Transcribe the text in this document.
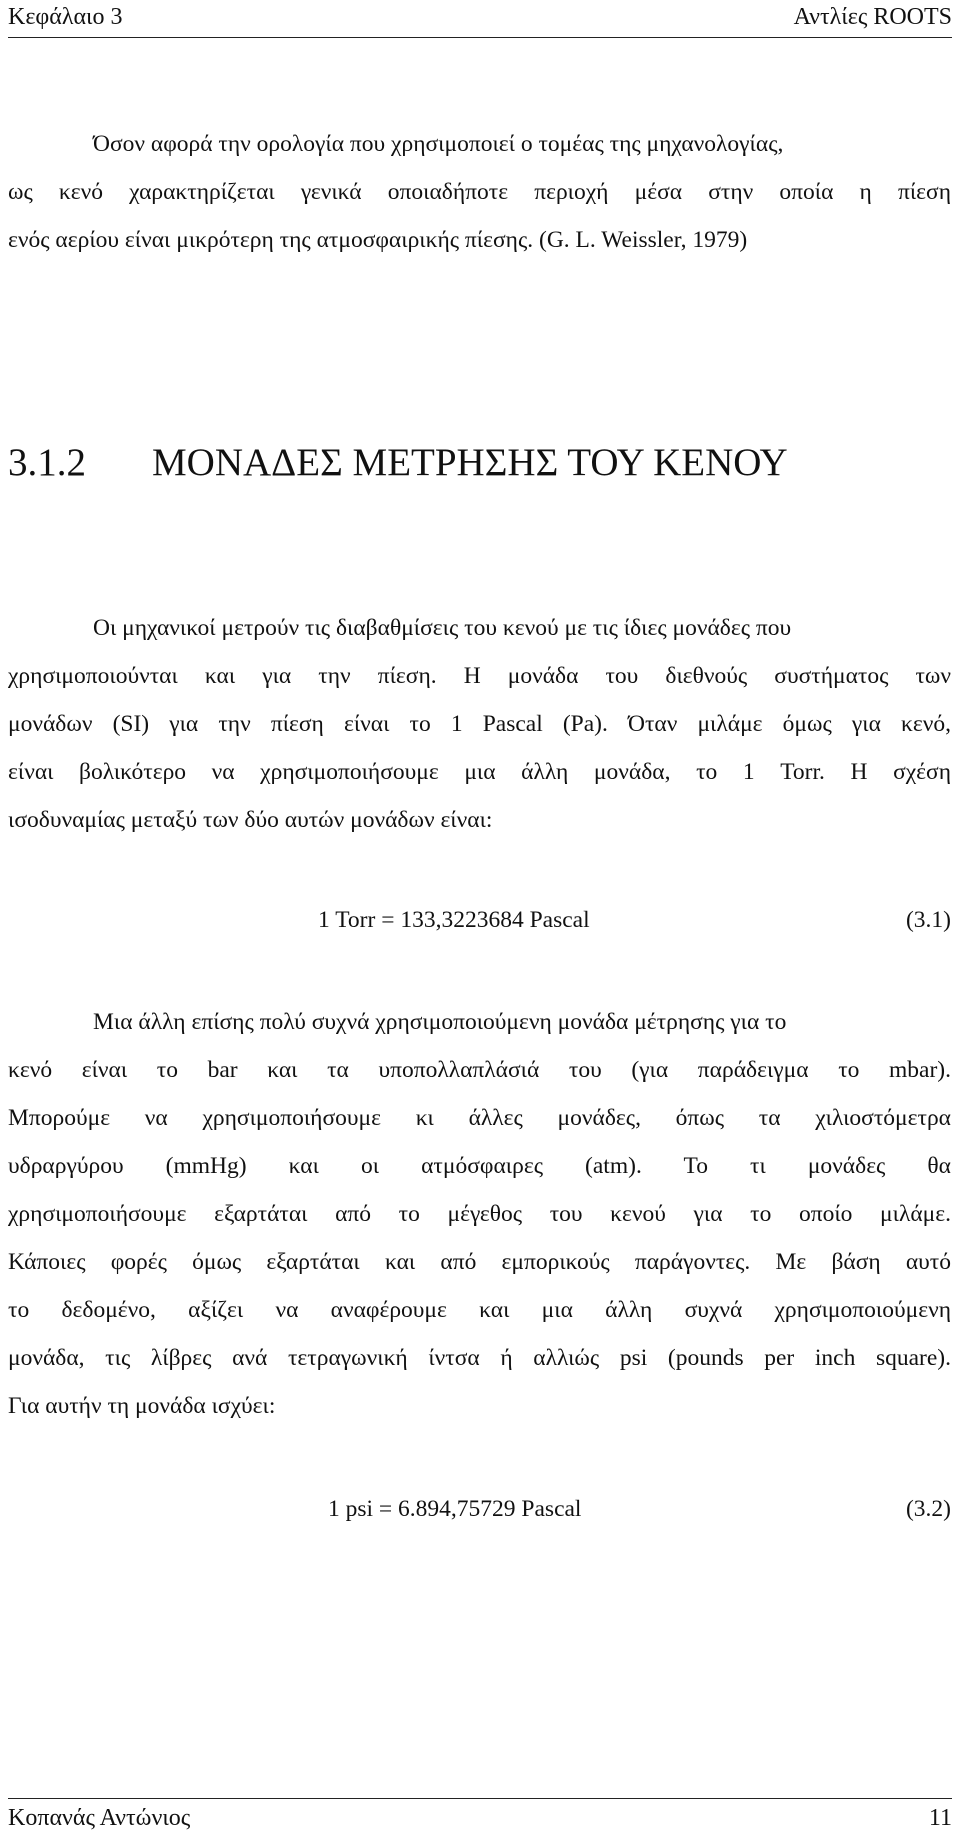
Κεφάλαιο 3	Αντλίες ROOTS

Όσον αφορά την ορολογία που χρησιμοποιεί ο τομέας της μηχανολογίας,

ως κενό χαρακτηρίζεται γενικά οποιαδήποτε περιοχή μέσα στην οποία η πίεση

ενός αερίου είναι μικρότερη της ατμοσφαιρικής πίεσης. (G. L. Weissler, 1979)

3.1.2	ΜΟΝΑΔΕΣ ΜΕΤΡΗΣΗΣ ΤΟΥ ΚΕΝΟΥ

Οι μηχανικοί μετρούν τις διαβαθμίσεις του κενού με τις ίδιες μονάδες που

χρησιμοποιούνται και για την πίεση. Η μονάδα του διεθνούς συστήματος των

μονάδων (SI) για την πίεση είναι το 1 Pascal (Pa). Όταν μιλάμε όμως για κενό,

είναι βολικότερο να χρησιμοποιήσουμε μια άλλη μονάδα, το 1 Torr. Η σχέση

ισοδυναμίας μεταξύ των δύο αυτών μονάδων είναι:

1 Torr = 133,3223684 Pascal	(3.1)

Μια άλλη επίσης πολύ συχνά χρησιμοποιούμενη μονάδα μέτρησης για το

κενό είναι το bar και τα υποπολλαπλάσιά του (για παράδειγμα το mbar).

Μπορούμε να χρησιμοποιήσουμε κι άλλες μονάδες, όπως τα χιλιοστόμετρα

υδραργύρου (mmHg) και οι ατμόσφαιρες (atm). Το τι μονάδες θα

χρησιμοποιήσουμε εξαρτάται από το μέγεθος του κενού για το οποίο μιλάμε.

Κάποιες φορές όμως εξαρτάται και από εμπορικούς παράγοντες. Με βάση αυτό

το δεδομένο, αξίζει να αναφέρουμε και μια άλλη συχνά χρησιμοποιούμενη

μονάδα, τις λίβρες ανά τετραγωνική ίντσα ή αλλιώς psi (pounds per inch square).

Για αυτήν τη μονάδα ισχύει:

1 psi = 6.894,75729 Pascal	(3.2)
Κοπανάς Αντώνιος	11
